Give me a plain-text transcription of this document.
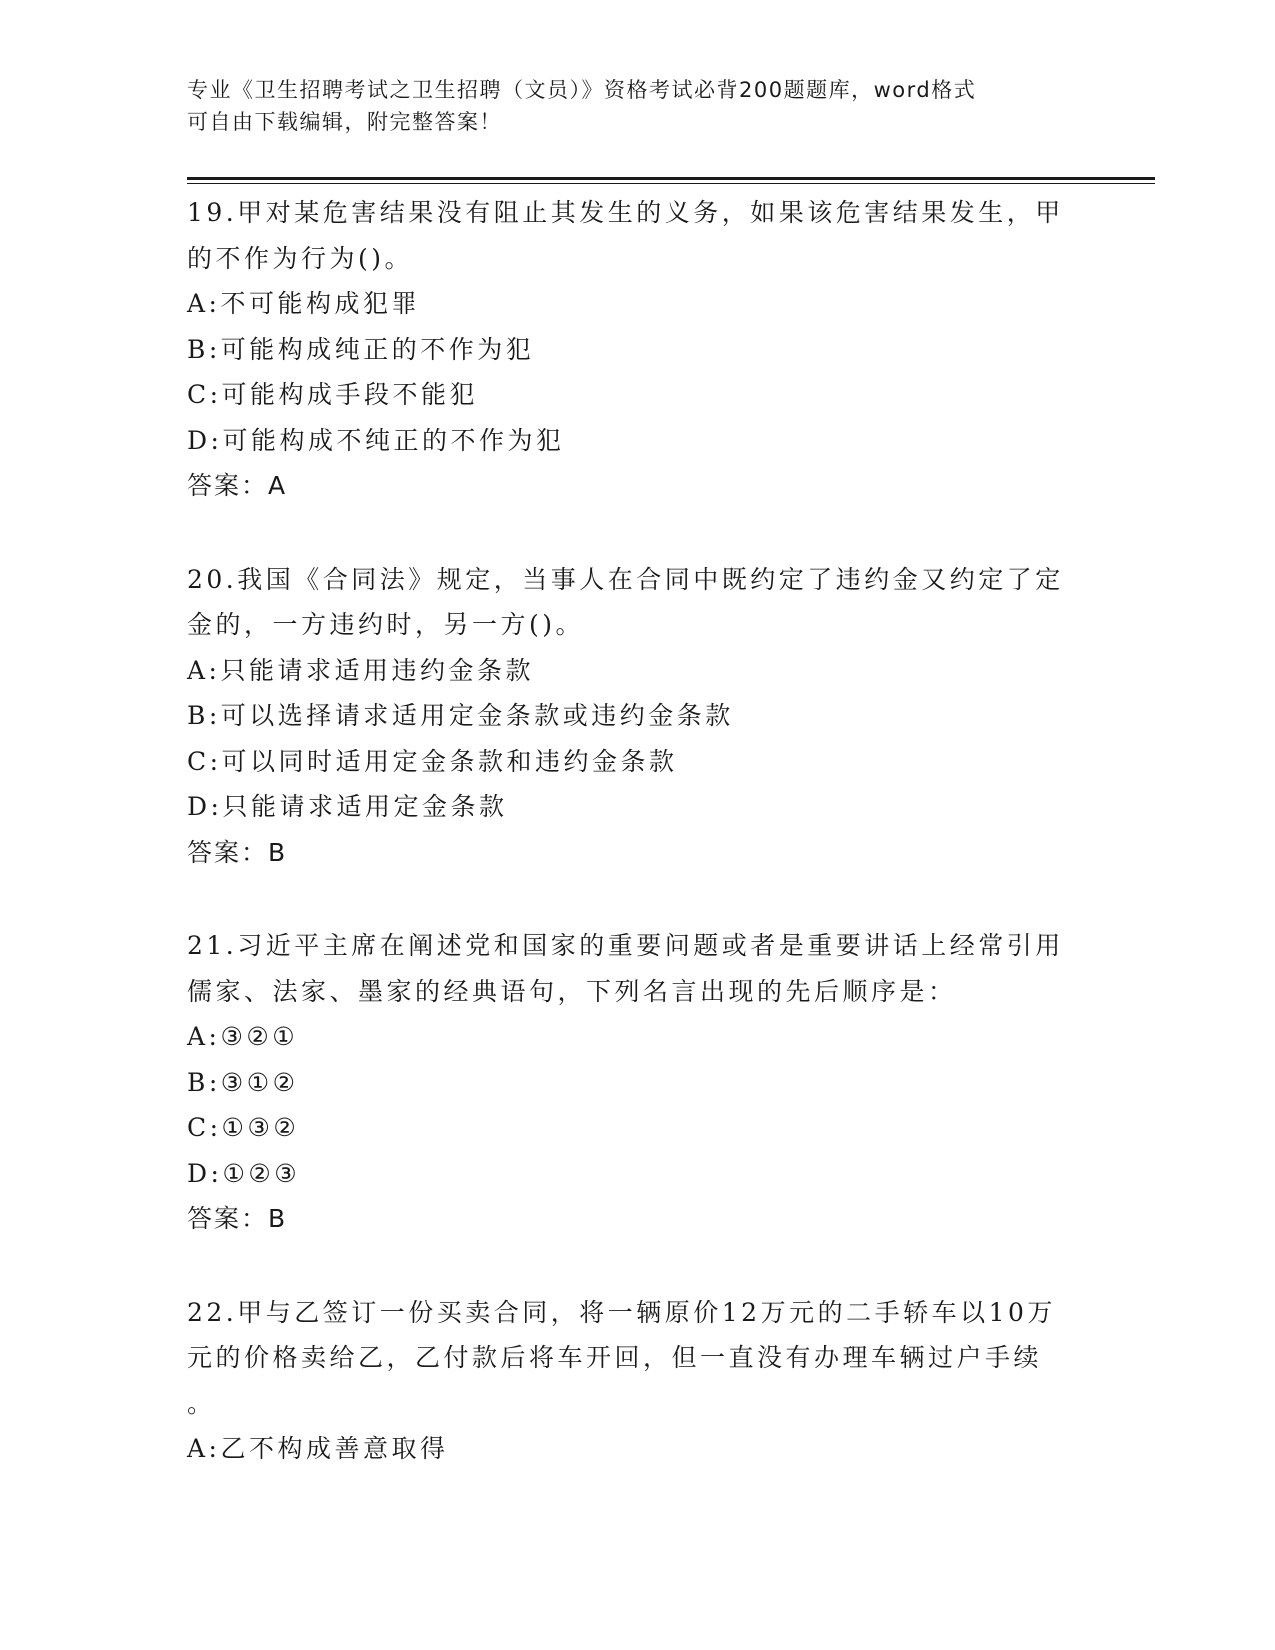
专业《卫生招聘考试之卫生招聘（文员）》资格考试必背200题题库，word格式
可自由下载编辑，附完整答案！
19.甲对某危害结果没有阻止其发生的义务，如果该危害结果发生，甲
的不作为行为()。
A:不可能构成犯罪
B:可能构成纯正的不作为犯
C:可能构成手段不能犯
D:可能构成不纯正的不作为犯
答案：A
20.我国《合同法》规定，当事人在合同中既约定了违约金又约定了定
金的，一方违约时，另一方()。
A:只能请求适用违约金条款
B:可以选择请求适用定金条款或违约金条款
C:可以同时适用定金条款和违约金条款
D:只能请求适用定金条款
答案：B
21.习近平主席在阐述党和国家的重要问题或者是重要讲话上经常引用
儒家、法家、墨家的经典语句，下列名言出现的先后顺序是：
A:③②①
B:③①②
C:①③②
D:①②③
答案：B
22.甲与乙签订一份买卖合同，将一辆原价12万元的二手轿车以10万
元的价格卖给乙，乙付款后将车开回，但一直没有办理车辆过户手续
。
A:乙不构成善意取得
